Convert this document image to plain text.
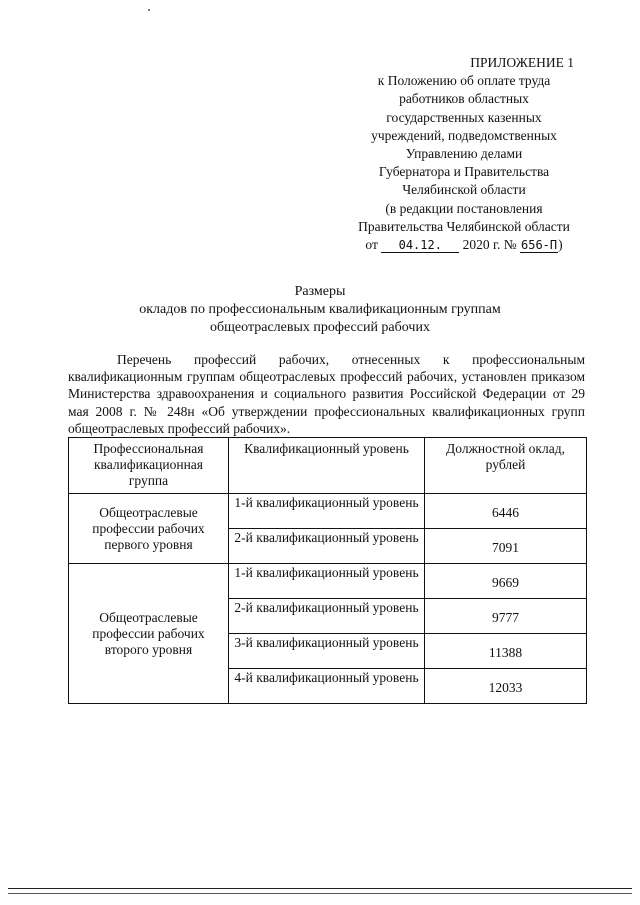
ПРИЛОЖЕНИЕ 1
к Положению об оплате труда
работников областных
государственных казенных
учреждений, подведомственных
Управлению делами
Губернатора и Правительства
Челябинской области
(в редакции постановления
Правительства Челябинской области
от 04.12. 2020 г. № 656-П)
Размеры
окладов по профессиональным квалификационным группам
общеотраслевых профессий рабочих

Перечень профессий рабочих, отнесенных к профессиональным квалификационным группам общеотраслевых профессий рабочих, установлен приказом Министерства здравоохранения и социального развития Российской Федерации от 29 мая 2008 г. № 248н «Об утверждении профессиональных квалификационных групп общеотраслевых профессий рабочих».

Профессиональная квалификационная группа	Квалификационный уровень	Должностной оклад, рублей
Общеотраслевые профессии рабочих первого уровня	1-й квалификационный уровень	6446
	2-й квалификационный уровень	7091
Общеотраслевые профессии рабочих второго уровня	1-й квалификационный уровень	9669
	2-й квалификационный уровень	9777
	3-й квалификационный уровень	11388
	4-й квалификационный уровень	12033
